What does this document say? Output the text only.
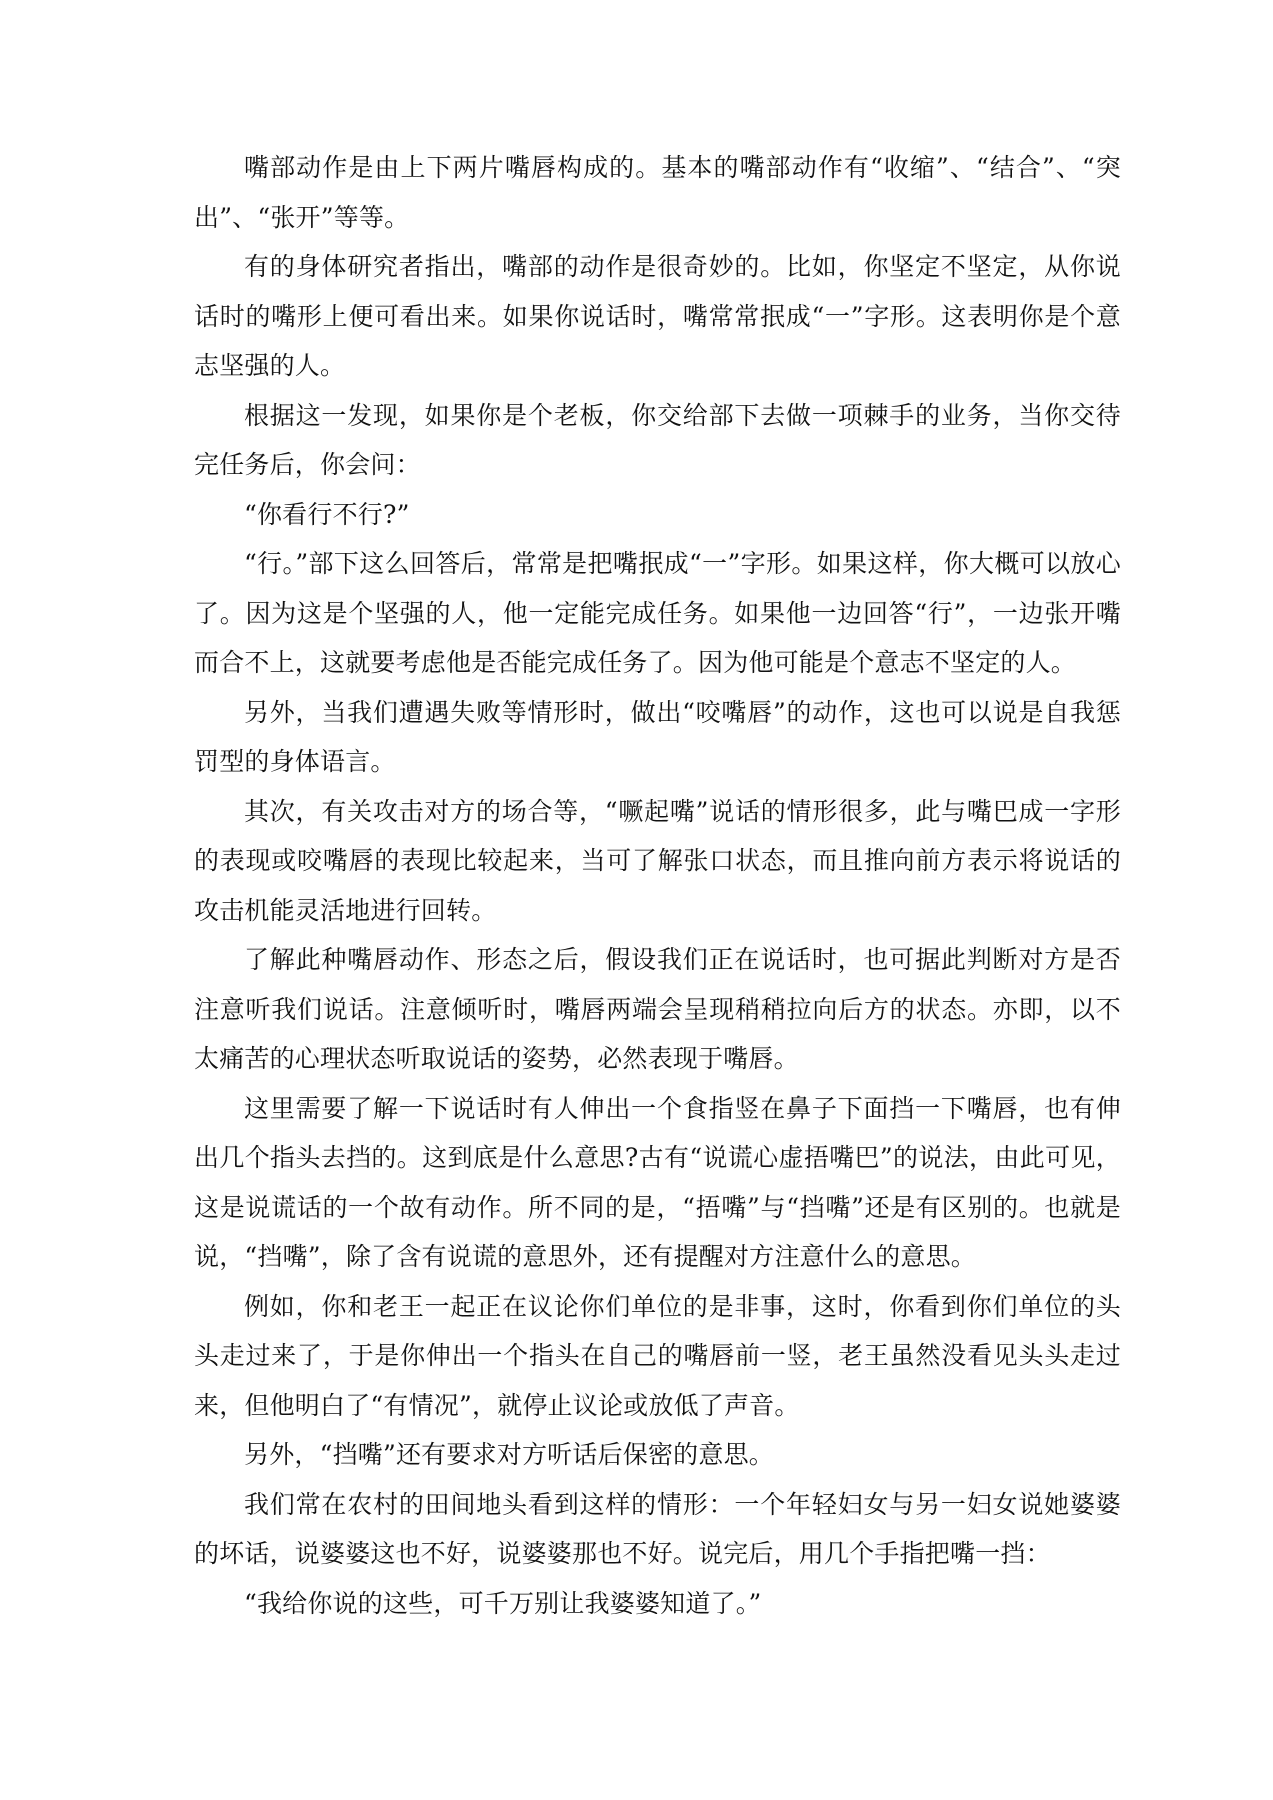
嘴部动作是由上下两片嘴唇构成的。基本的嘴部动作有“收缩”、“结合”、“突出”、“张开”等等。

有的身体研究者指出，嘴部的动作是很奇妙的。比如，你坚定不坚定，从你说话时的嘴形上便可看出来。如果你说话时，嘴常常抿成“一”字形。这表明你是个意志坚强的人。

根据这一发现，如果你是个老板，你交给部下去做一项棘手的业务，当你交待完任务后，你会问：

“你看行不行?”

“行。”部下这么回答后，常常是把嘴抿成“一”字形。如果这样，你大概可以放心了。因为这是个坚强的人，他一定能完成任务。如果他一边回答“行”，一边张开嘴而合不上，这就要考虑他是否能完成任务了。因为他可能是个意志不坚定的人。

另外，当我们遭遇失败等情形时，做出“咬嘴唇”的动作，这也可以说是自我惩罚型的身体语言。

其次，有关攻击对方的场合等，“噘起嘴”说话的情形很多，此与嘴巴成一字形的表现或咬嘴唇的表现比较起来，当可了解张口状态，而且推向前方表示将说话的攻击机能灵活地进行回转。

了解此种嘴唇动作、形态之后，假设我们正在说话时，也可据此判断对方是否注意听我们说话。注意倾听时，嘴唇两端会呈现稍稍拉向后方的状态。亦即，以不太痛苦的心理状态听取说话的姿势，必然表现于嘴唇。

这里需要了解一下说话时有人伸出一个食指竖在鼻子下面挡一下嘴唇，也有伸出几个指头去挡的。这到底是什么意思?古有“说谎心虚捂嘴巴”的说法，由此可见，这是说谎话的一个故有动作。所不同的是，“捂嘴”与“挡嘴”还是有区别的。也就是说，“挡嘴”，除了含有说谎的意思外，还有提醒对方注意什么的意思。

例如，你和老王一起正在议论你们单位的是非事，这时，你看到你们单位的头头走过来了，于是你伸出一个指头在自己的嘴唇前一竖，老王虽然没看见头头走过来，但他明白了“有情况”，就停止议论或放低了声音。

另外，“挡嘴”还有要求对方听话后保密的意思。

我们常在农村的田间地头看到这样的情形：一个年轻妇女与另一妇女说她婆婆的坏话，说婆婆这也不好，说婆婆那也不好。说完后，用几个手指把嘴一挡：

“我给你说的这些，可千万别让我婆婆知道了。”
